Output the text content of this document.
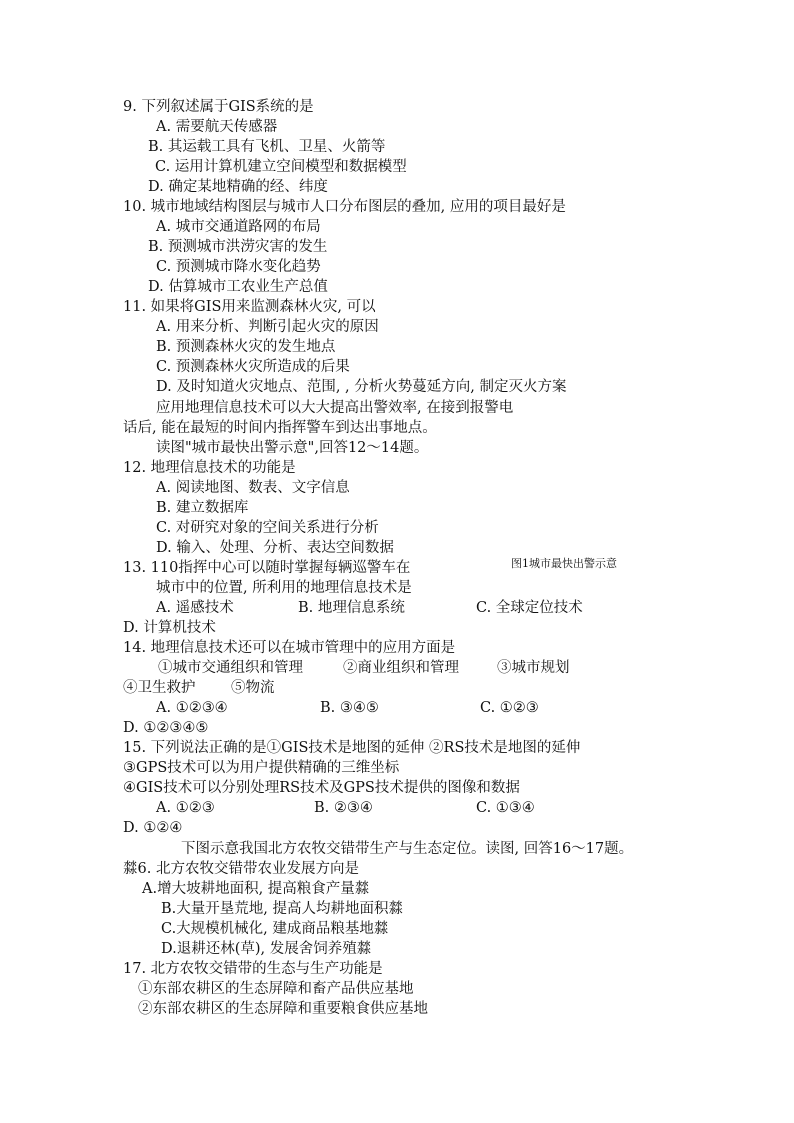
9. 下列叙述属于GIS系统的是
A. 需要航天传感器
B. 其运载工具有飞机、卫星、火箭等
C. 运用计算机建立空间模型和数据模型
D. 确定某地精确的经、纬度
10. 城市地域结构图层与城市人口分布图层的叠加, 应用的项目最好是
A. 城市交通道路网的布局
B. 预测城市洪涝灾害的发生
C. 预测城市降水变化趋势
D. 估算城市工农业生产总值
11. 如果将GIS用来监测森林火灾, 可以
A. 用来分析、判断引起火灾的原因
B. 预测森林火灾的发生地点
C. 预测森林火灾所造成的后果
D. 及时知道火灾地点、范围, , 分析火势蔓延方向, 制定灭火方案
应用地理信息技术可以大大提高出警效率, 在接到报警电
话后, 能在最短的时间内指挥警车到达出事地点。
读图"城市最快出警示意",回答12～14题。
12. 地理信息技术的功能是
A. 阅读地图、数表、文字信息
B. 建立数据库
C. 对研究对象的空间关系进行分析
D. 输入、处理、分析、表达空间数据
13. 110指挥中心可以随时掌握每辆巡警车在	图1城市最快出警示意
城市中的位置, 所利用的地理信息技术是
A. 遥感技术	B. 地理信息系统	C. 全球定位技术
D. 计算机技术
14. 地理信息技术还可以在城市管理中的应用方面是
①城市交通组织和管理	②商业组织和管理	③城市规划
④卫生救护 ⑤物流
A. ①②③④	B. ③④⑤	C. ①②③
D. ①②③④⑤
15. 下列说法正确的是①GIS技术是地图的延伸 ②RS技术是地图的延伸
③GPS技术可以为用户提供精确的三维坐标
④GIS技术可以分别处理RS技术及GPS技术提供的图像和数据
A. ①②③	B. ②③④	C. ①③④
D. ①②④
下图示意我国北方农牧交错带生产与生态定位。读图, 回答16～17题。
㵘6. 北方农牧交错带农业发展方向是
A.增大坡耕地面积, 提高粮食产量㵘
B.大量开垦荒地, 提高人均耕地面积㵘
C.大规模机械化, 建成商品粮基地㵘
D.退耕还林(草), 发展舍饲养殖㵘
17. 北方农牧交错带的生态与生产功能是
①东部农耕区的生态屏障和畜产品供应基地
②东部农耕区的生态屏障和重要粮食供应基地
